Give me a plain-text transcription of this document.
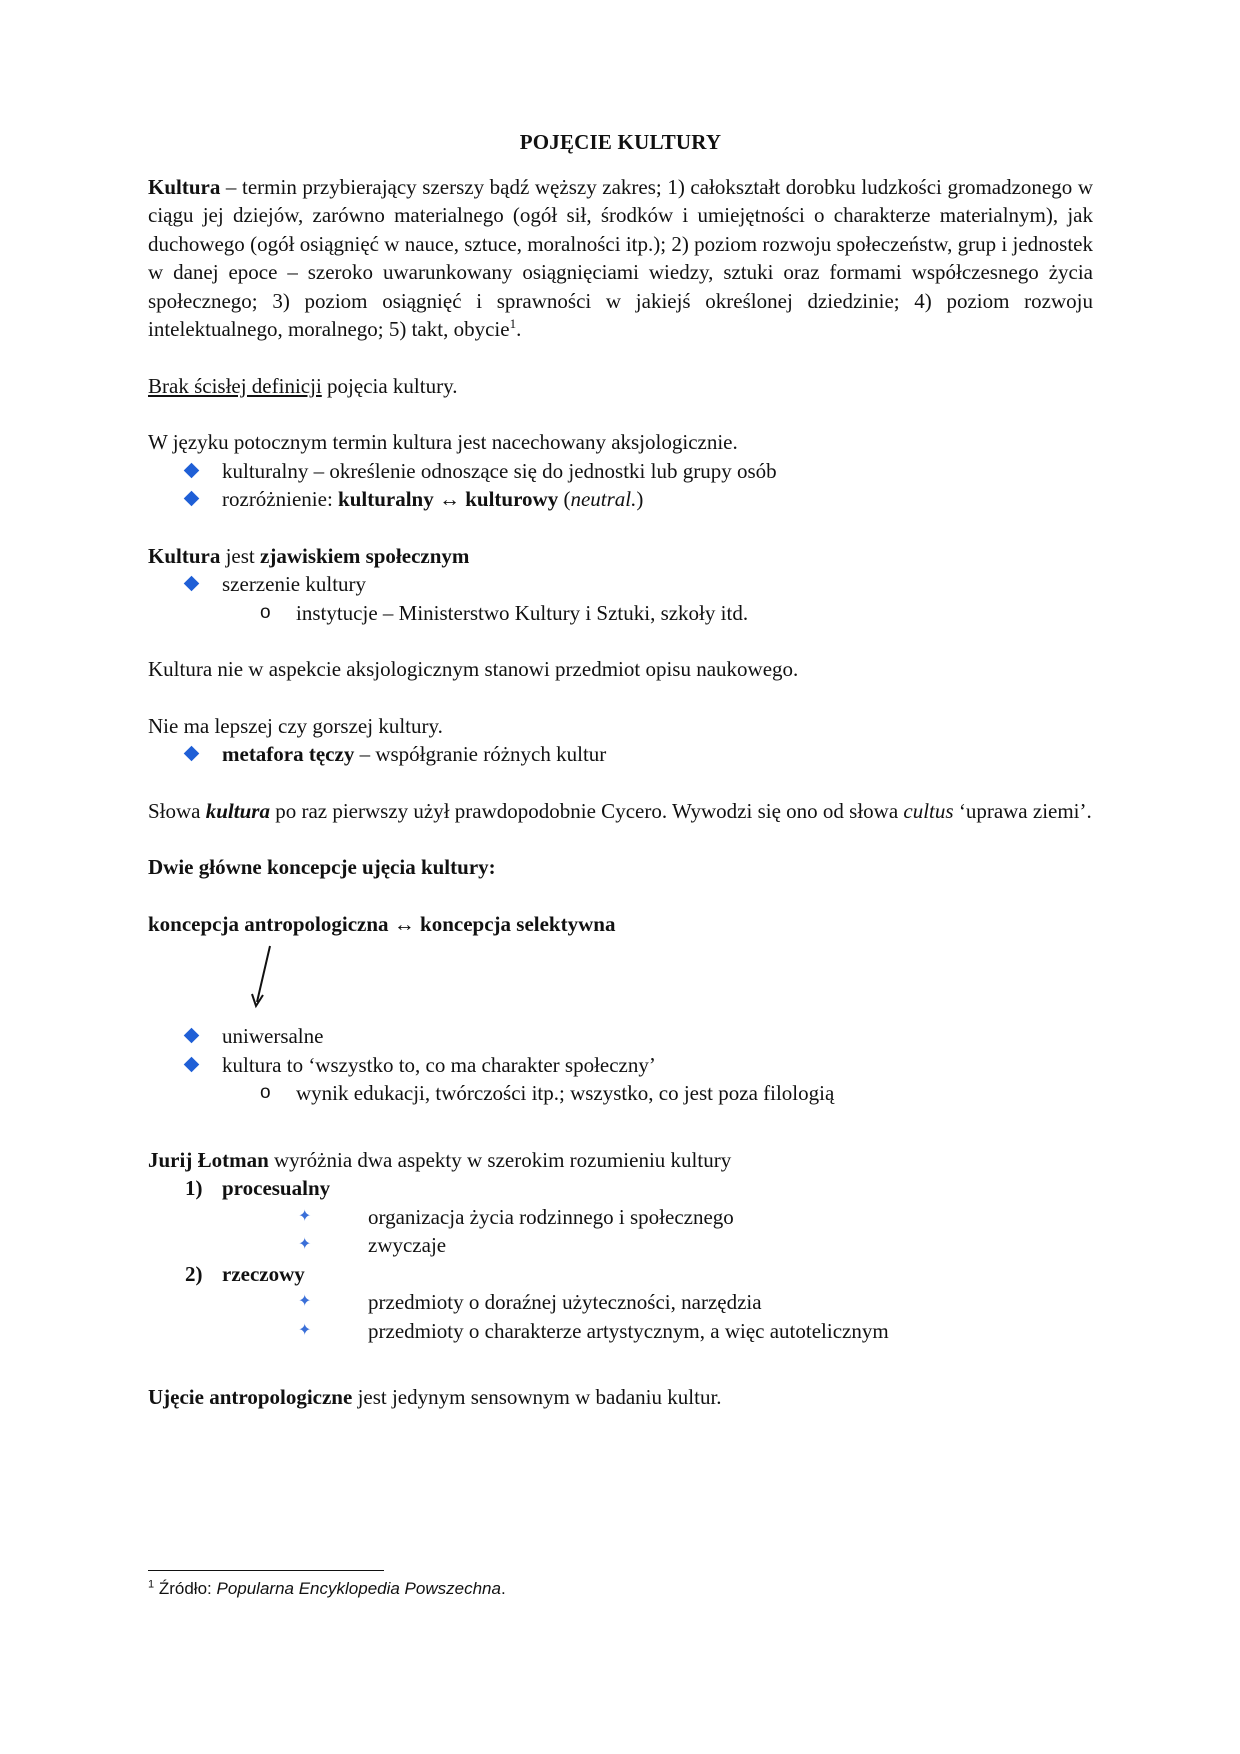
POJĘCIE KULTURY

Kultura – termin przybierający szerszy bądź węższy zakres; 1) całokształt dorobku ludzkości gromadzonego w ciągu jej dziejów, zarówno materialnego (ogół sił, środków i umiejętności o charakterze materialnym), jak duchowego (ogół osiągnięć w nauce, sztuce, moralności itp.); 2) poziom rozwoju społeczeństw, grup i jednostek w danej epoce – szeroko uwarunkowany osiągnięciami wiedzy, sztuki oraz formami współczesnego życia społecznego; 3) poziom osiągnięć i sprawności w jakiejś określonej dziedzinie; 4) poziom rozwoju intelektualnego, moralnego; 5) takt, obycie$^1$.

Brak ścisłej definicji pojęcia kultury.

W języku potocznym termin kultura jest nacechowany aksjologicznie.

kulturalny – określenie odnoszące się do jednostki lub grupy osób
rozróżnienie: kulturalny ↔ kulturowy (neutral.)

Kultura jest zjawiskiem społecznym

szerzenie kultury
o instytucje – Ministerstwo Kultury i Sztuki, szkoły itd.

Kultura nie w aspekcie aksjologicznym stanowi przedmiot opisu naukowego.

Nie ma lepszej czy gorszej kultury.

metafora tęczy – współgranie różnych kultur

Słowa kultura po raz pierwszy użył prawdopodobnie Cycero. Wywodzi się ono od słowa cultus ‘uprawa ziemi’.

Dwie główne koncepcje ujęcia kultury:

koncepcja antropologiczna ↔ koncepcja selektywna

uniwersalne
kultura to ‘wszystko to, co ma charakter społeczny’
o wynik edukacji, twórczości itp.; wszystko, co jest poza filologią

Jurij Łotman wyróżnia dwa aspekty w szerokim rozumieniu kultury

1) procesualny
✦	organizacja życia rodzinnego i społecznego
✦	zwyczaje
2) rzeczowy
✦	przedmioty o doraźnej użyteczności, narzędzia
✦	przedmioty o charakterze artystycznym, a więc autotelicznym

Ujęcie antropologiczne jest jedynym sensownym w badaniu kultur.

$^1$ Źródło: Popularna Encyklopedia Powszechna.
